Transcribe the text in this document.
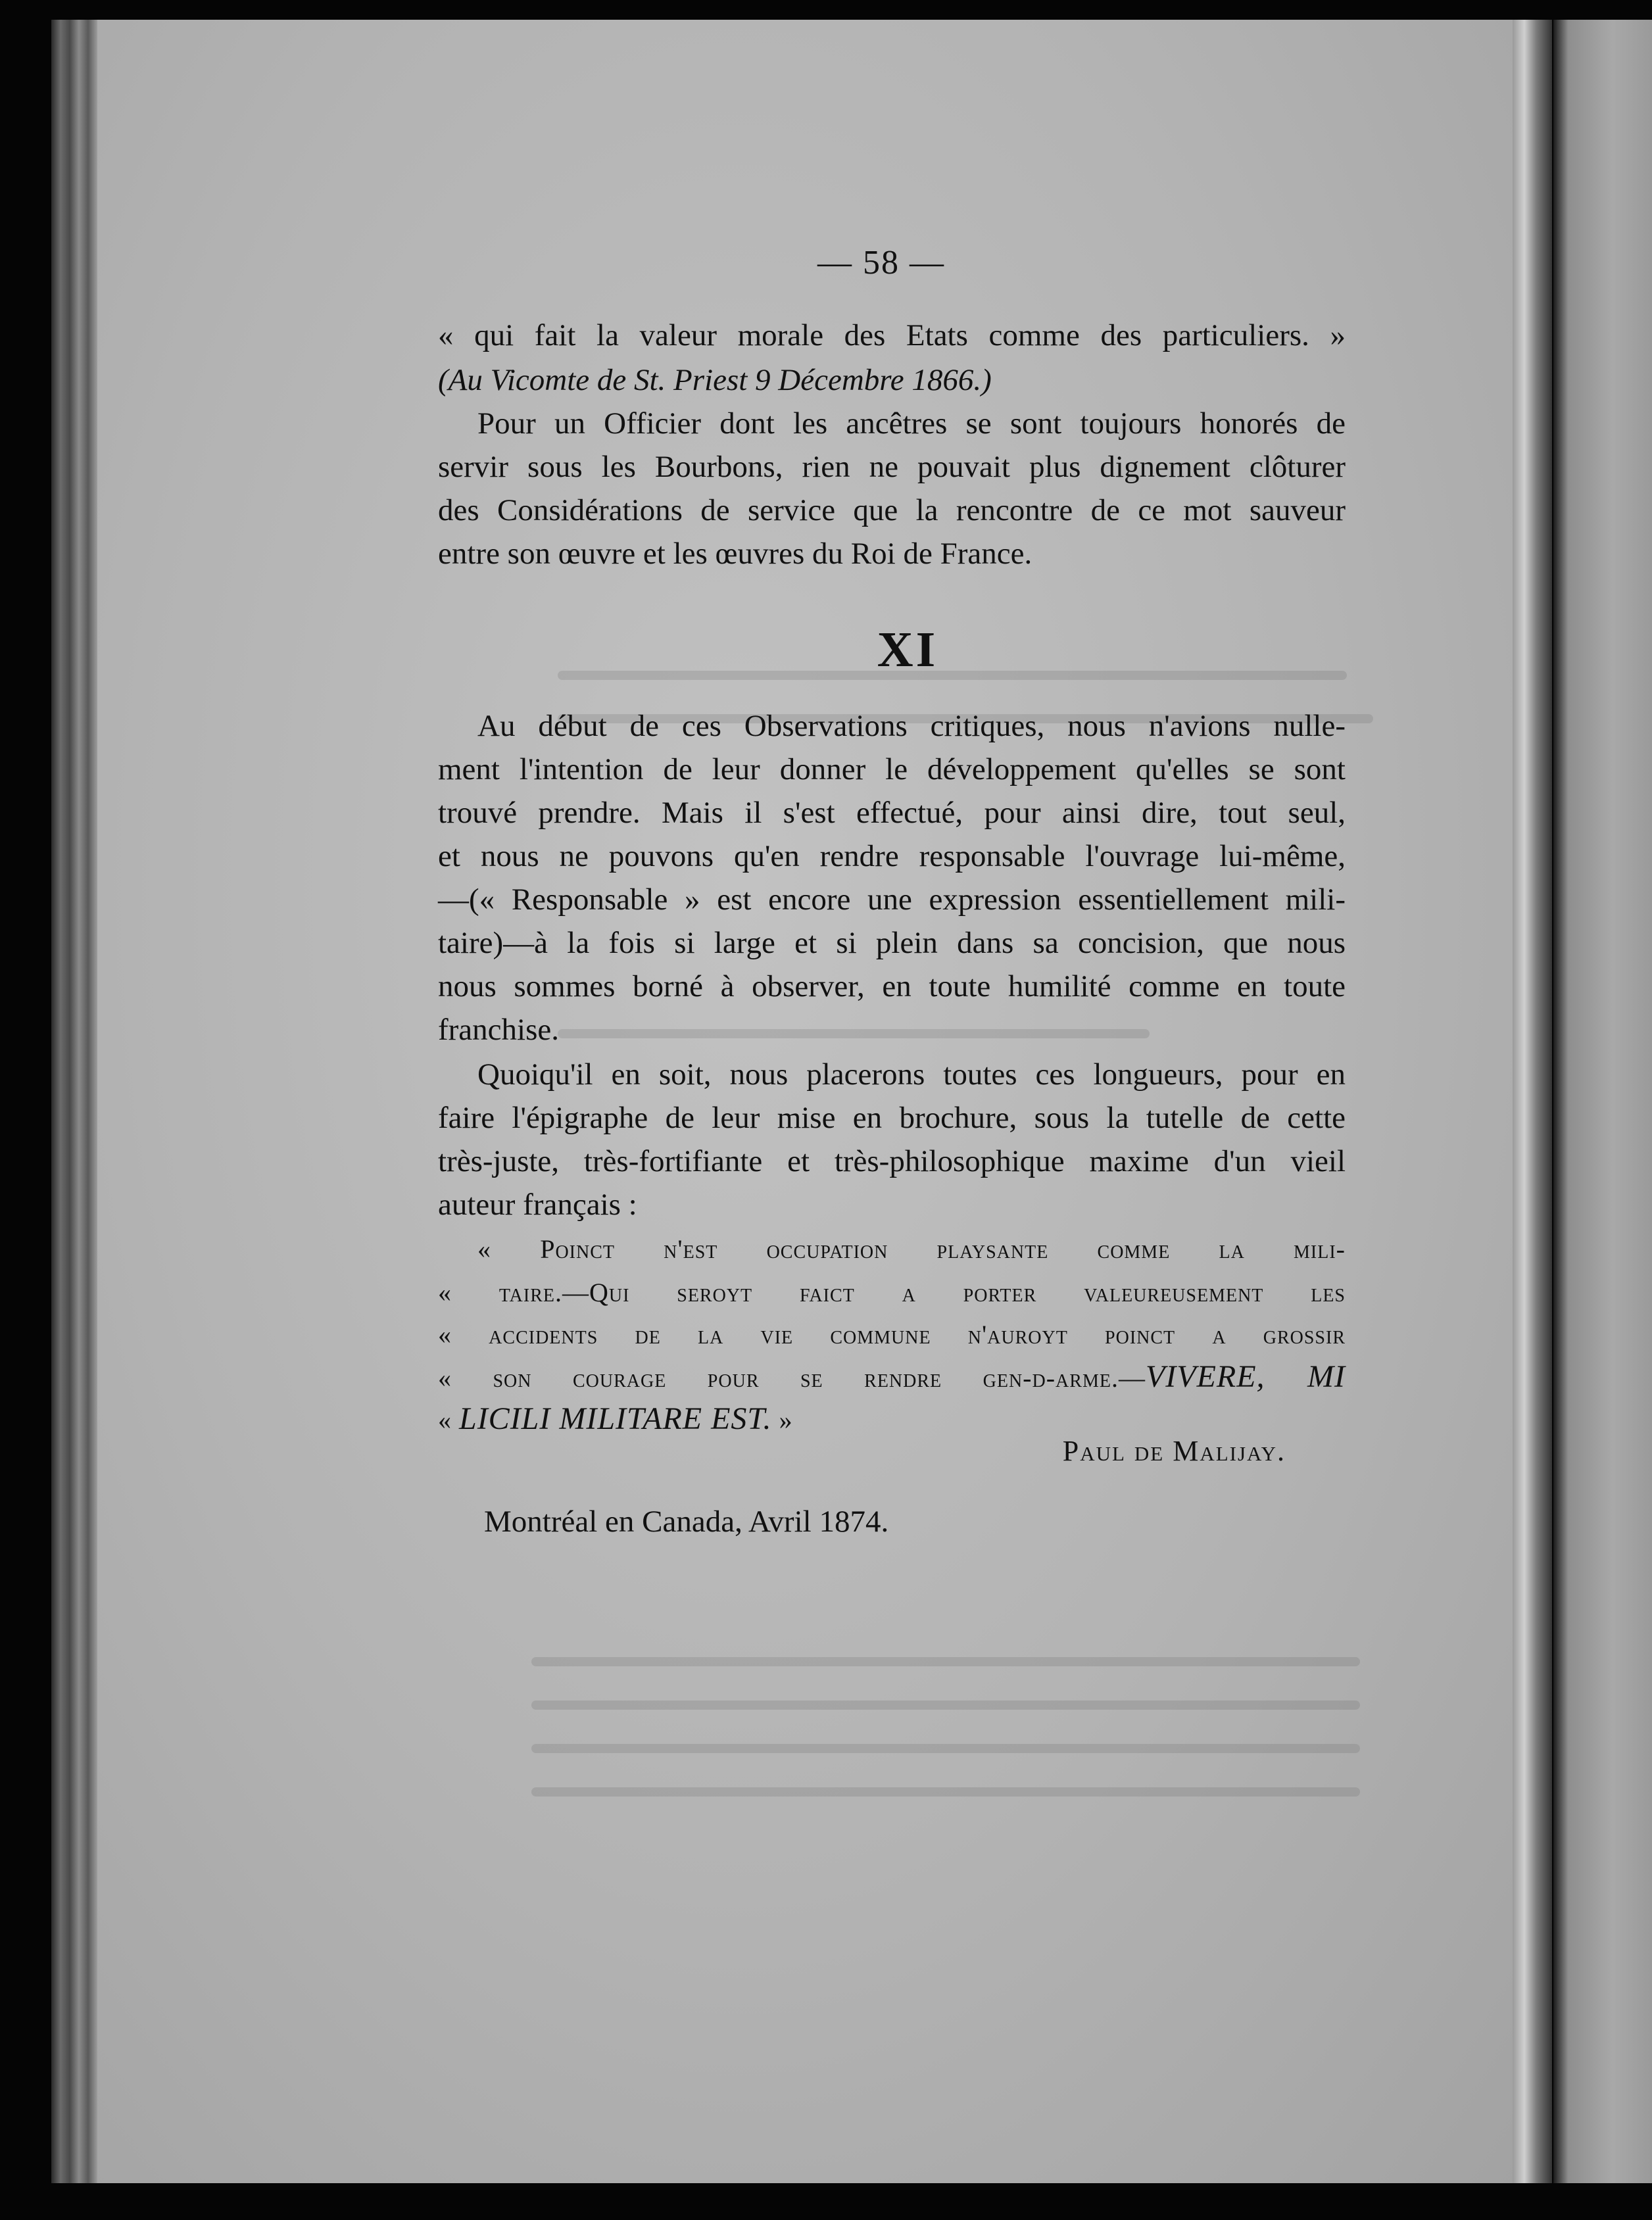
— 58 —
« qui fait la valeur morale des Etats comme des particuliers. »
(Au Vicomte de St. Priest 9 Décembre 1866.)
Pour un Officier dont les ancêtres se sont toujours honorés de
servir sous les Bourbons, rien ne pouvait plus dignement clôturer
des Considérations de service que la rencontre de ce mot sauveur
entre son œuvre et les œuvres du Roi de France.
XI
Au début de ces Observations critiques, nous n'avions nulle-
ment l'intention de leur donner le développement qu'elles se sont
trouvé prendre. Mais il s'est effectué, pour ainsi dire, tout seul,
et nous ne pouvons qu'en rendre responsable l'ouvrage lui-même,
—(« Responsable » est encore une expression essentiellement mili-
taire)—à la fois si large et si plein dans sa concision, que nous
nous sommes borné à observer, en toute humilité comme en toute
franchise.
Quoiqu'il en soit, nous placerons toutes ces longueurs, pour en
faire l'épigraphe de leur mise en brochure, sous la tutelle de cette
très-juste, très-fortifiante et très-philosophique maxime d'un vieil
auteur français :
« Poinct n'est occupation playsante comme la mili-
« taire.—Qui seroyt faict a porter valeureusement les
« accidents de la vie commune n'auroyt poinct a grossir
« son courage pour se rendre gen-d-arme.—VIVERE, MI
« LICILI MILITARE EST. »
Paul de Malijay.
Montréal en Canada, Avril 1874.
